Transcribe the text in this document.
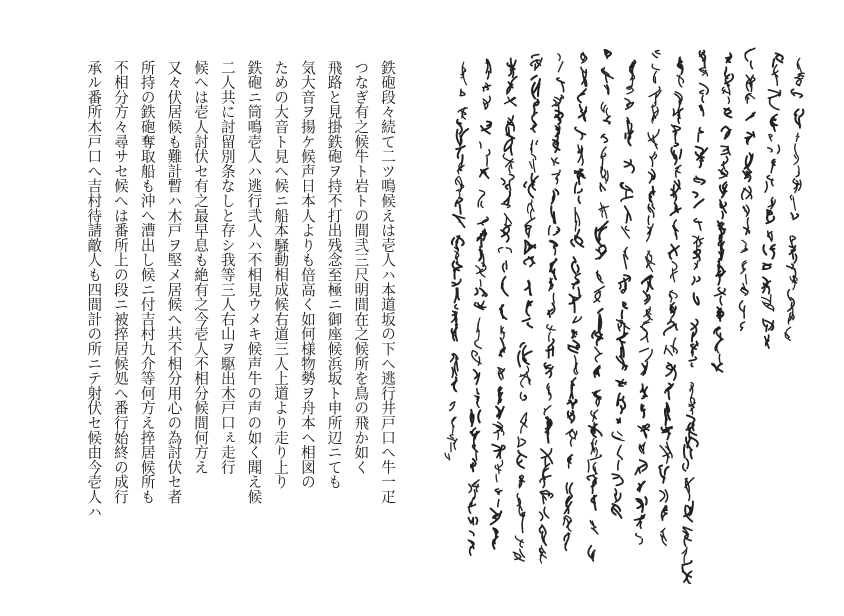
鉄砲段々続て二ツ鳴候えは壱人ハ本道坂の下へ逃行井戸口へ牛一疋

つなぎ有之候牛ト岩トの間弐三尺明間在之候所を鳥の飛か如く

飛路と見掛鉄砲ヲ持不打出残念至極ニ御座候浜坂ト申所辺ニても

気大音ヲ揚ケ候声日本人よりも倍高く如何様物勢ヲ舟本ヘ相図の

ための大音ト見へ候ニ船本騒動相成候右道三人上道より走り上り

鉄砲ニ筒鳴壱人ハ逃行弐人ハ不相見ウメキ候声牛の声の如く聞え候

二人共に討留別条なしと存シ我等三人右山ヲ駆出木戸口ぇ走行

候へは壱人討伏セ有之最早息も絶有之今壱人不相分候間何方え

又々伏居候も難計暫ハ木戸ヲ堅メ居候へ共不相分用心の為討伏セ者

所持の鉄砲奪取船も沖へ漕出し候ニ付吉村九介等何方え捽居候所も

不相分方々尋サセ候へは番所上の段ニ被捽居候処へ番行始終の成行

承ル番所木戸口へ吉村待請敵人も四間計の所ニテ射伏セ候由今壱人ハ
